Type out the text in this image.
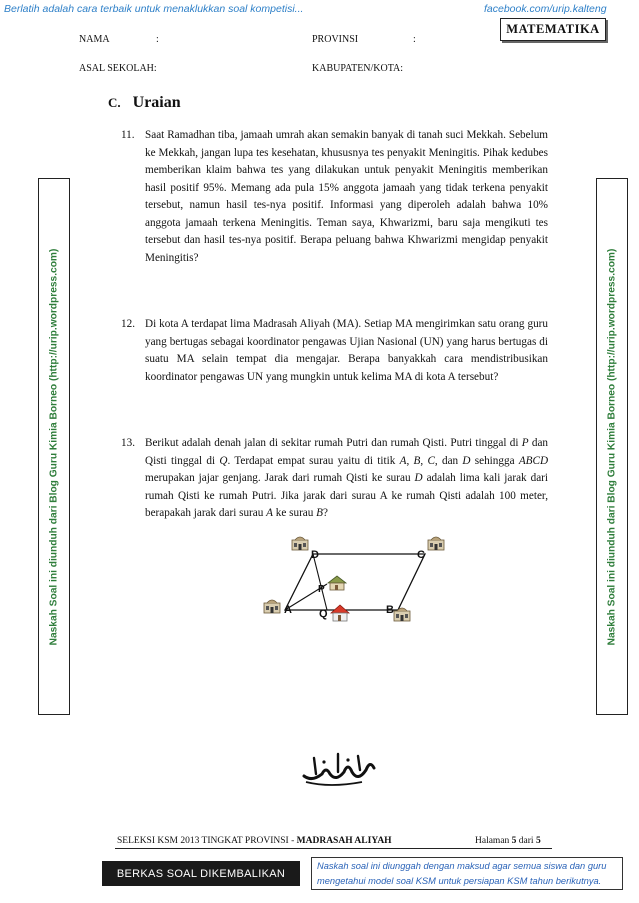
Berlatih adalah cara terbaik untuk menaklukkan soal kompetisi...	facebook.com/urip.kalteng
MATEMATIKA
NAMA	:	PROVINSI	:
ASAL SEKOLAH:	KABUPATEN/KOTA:
C. Uraian
Naskah Soal ini diunduh dari Blog Guru Kimia Borneo (http://urip.wordpress.com)	Naskah Soal ini diunduh dari Blog Guru Kimia Borneo (http://urip.wordpress.com)
11. Saat Ramadhan tiba, jamaah umrah akan semakin banyak di tanah suci Mekkah. Sebelum ke Mekkah, jangan lupa tes kesehatan, khususnya tes penyakit Meningitis. Pihak kedubes memberikan klaim bahwa tes yang dilakukan untuk penyakit Meningitis memberikan hasil positif 95%. Memang ada pula 15% anggota jamaah yang tidak terkena penyakit tersebut, namun hasil tes-nya positif. Informasi yang diperoleh adalah bahwa 10% anggota jamaah terkena Meningitis. Teman saya, Khwarizmi, baru saja mengikuti tes tersebut dan hasil tes-nya positif. Berapa peluang bahwa Khwarizmi mengidap penyakit Meningitis?

12. Di kota A terdapat lima Madrasah Aliyah (MA). Setiap MA mengirimkan satu orang guru yang bertugas sebagai koordinator pengawas Ujian Nasional (UN) yang harus bertugas di suatu MA selain tempat dia mengajar. Berapa banyakkah cara mendistribusikan koordinator pengawas UN yang mungkin untuk kelima MA di kota A tersebut?

13. Berikut adalah denah jalan di sekitar rumah Putri dan rumah Qisti. Putri tinggal di P dan Qisti tinggal di Q. Terdapat empat surau yaitu di titik A, B, C, dan D sehingga ABCD merupakan jajar genjang. Jarak dari rumah Qisti ke surau D adalah lima kali jarak dari rumah Qisti ke rumah Putri. Jika jarak dari surau A ke rumah Qisti adalah 100 meter, berapakah jarak dari surau A ke surau B?

D	C
A	B
P
Q
SELEKSI KSM 2013 TINGKAT PROVINSI - MADRASAH ALIYAH	Halaman 5 dari 5
BERKAS SOAL DIKEMBALIKAN
Naskah soal ini diunggah dengan maksud agar semua siswa dan guru mengetahui model soal KSM untuk persiapan KSM tahun berikutnya.
